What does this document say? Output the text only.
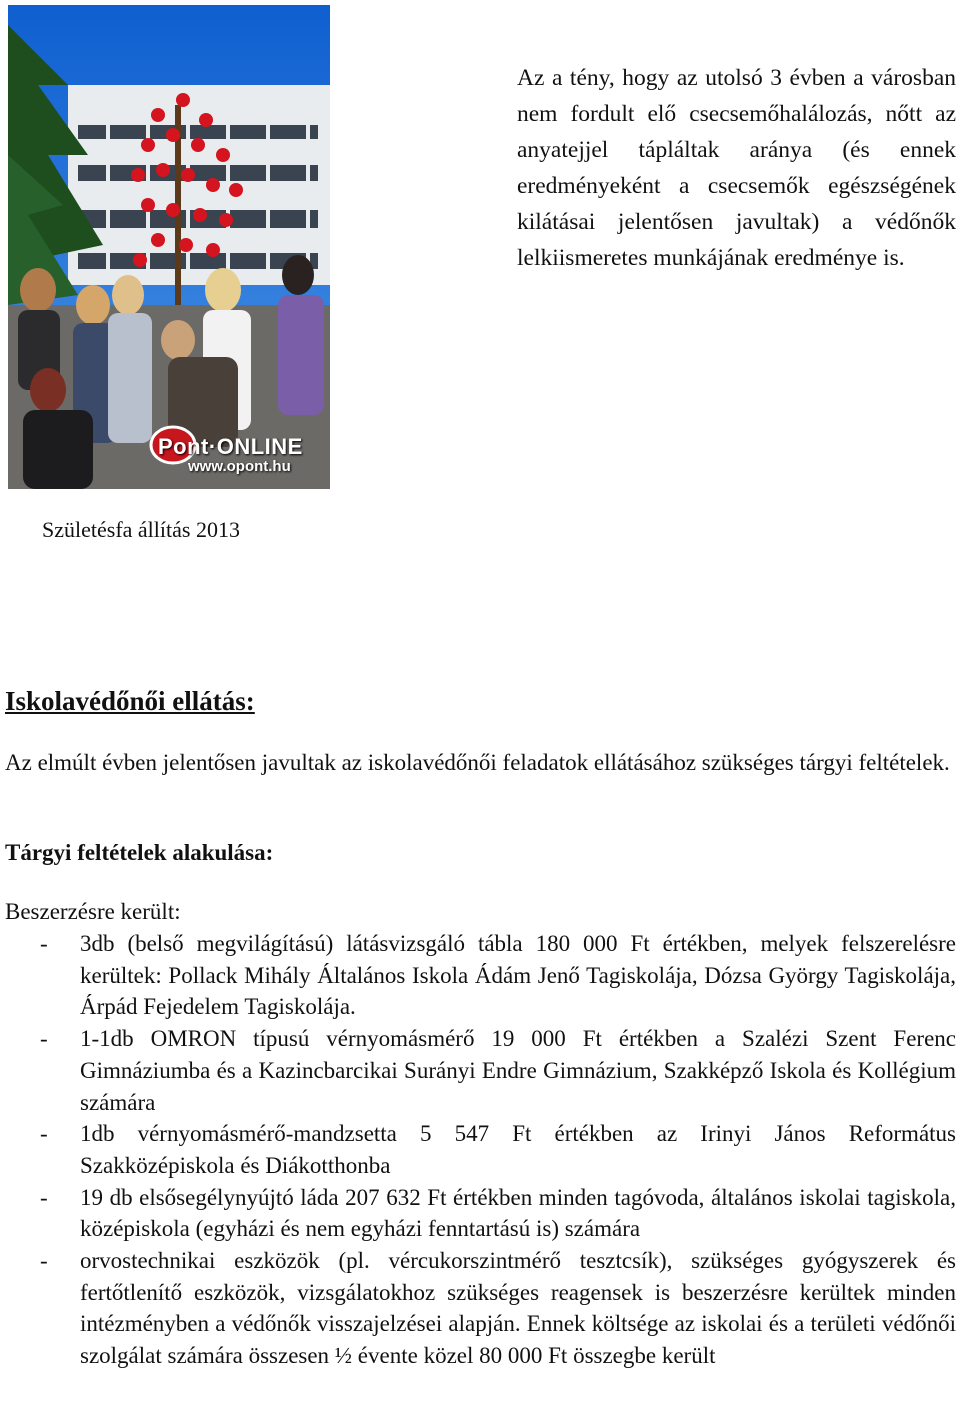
Pont·ONLINE
www.opont.hu
Az a tény, hogy az utolsó 3 évben a városban nem fordult elő csecsemőhalálozás, nőtt az anyatejjel tápláltak aránya (és ennek eredményeként a csecsemők egészségének kilátásai jelentősen javultak) a védőnők lelkiismeretes munkájának eredménye is.
Születésfa állítás 2013
Iskolavédőnői ellátás:
Az elmúlt évben jelentősen javultak az iskolavédőnői feladatok ellátásához szükséges tárgyi feltételek.
Tárgyi feltételek alakulása:
Beszerzésre került:
- 3db (belső megvilágítású) látásvizsgáló tábla 180 000 Ft értékben, melyek felszerelésre kerültek: Pollack Mihály Általános Iskola Ádám Jenő Tagiskolája, Dózsa György Tagiskolája, Árpád Fejedelem Tagiskolája.
- 1-1db OMRON típusú vérnyomásmérő 19 000 Ft értékben a Szalézi Szent Ferenc Gimnáziumba és a Kazincbarcikai Surányi Endre Gimnázium, Szakképző Iskola és Kollégium számára
- 1db vérnyomásmérő-mandzsetta 5 547 Ft értékben az Irinyi János Református Szakközépiskola és Diákotthonba
- 19 db elsősegélynyújtó láda 207 632 Ft értékben minden tagóvoda, általános iskolai tagiskola, középiskola (egyházi és nem egyházi fenntartású is) számára
- orvostechnikai eszközök (pl. vércukorszintmérő tesztcsík), szükséges gyógyszerek és fertőtlenítő eszközök, vizsgálatokhoz szükséges reagensek is beszerzésre kerültek minden intézményben a védőnők visszajelzései alapján. Ennek költsége az iskolai és a területi védőnői szolgálat számára összesen ½ évente közel 80 000 Ft összegbe került
